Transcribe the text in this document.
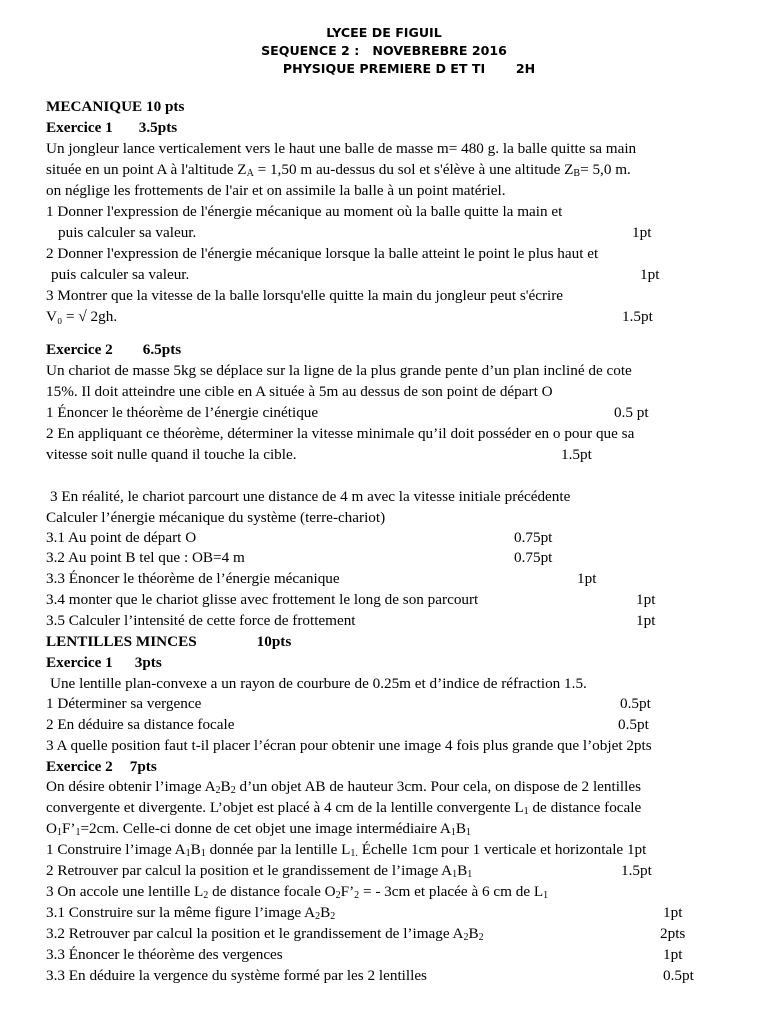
LYCEE DE FIGUIL
SEQUENCE 2 : NOVEBREBRE 2016
PHYSIQUE PREMIERE D ET TI 2H
MECANIQUE 10 pts
Exercice 1 3.5pts
Un jongleur lance verticalement vers le haut une balle de masse m= 480 g. la balle quitte sa main
située en un point A à l'altitude $Z_A = 1,50$ m au-dessus du sol et s'élève à une altitude $Z_B= 5,0$ m.
on néglige les frottements de l'air et on assimile la balle à un point matériel.
1 Donner l'expression de l'énergie mécanique au moment où la balle quitte la main et
puis calculer sa valeur.	1pt
2 Donner l'expression de l'énergie mécanique lorsque la balle atteint le point le plus haut et
puis calculer sa valeur.	1pt
3 Montrer que la vitesse de la balle lorsqu'elle quitte la main du jongleur peut s'écrire
V₀ = √ 2gh.	1.5pt
Exercice 2 6.5pts
Un chariot de masse 5kg se déplace sur la ligne de la plus grande pente d’un plan incliné de cote
15%. Il doit atteindre une cible en A située à 5m au dessus de son point de départ O
1 Énoncer le théorème de l’énergie cinétique	0.5 pt
2 En appliquant ce théorème, déterminer la vitesse minimale qu’il doit posséder en o pour que sa
vitesse soit nulle quand il touche la cible.	1.5pt
3 En réalité, le chariot parcourt une distance de 4 m avec la vitesse initiale précédente
Calculer l’énergie mécanique du système (terre-chariot)
3.1 Au point de départ O	0.75pt
3.2 Au point B tel que : OB=4 m	0.75pt
3.3 Énoncer le théorème de l’énergie mécanique	1pt
3.4 monter que le chariot glisse avec frottement le long de son parcourt	1pt
3.5 Calculer l’intensité de cette force de frottement	1pt
LENTILLES MINCES	10pts
Exercice 1 3pts
Une lentille plan-convexe a un rayon de courbure de 0.25m et d’indice de réfraction 1.5.
1 Déterminer sa vergence	0.5pt
2 En déduire sa distance focale	0.5pt
3 A quelle position faut t-il placer l’écran pour obtenir une image 4 fois plus grande que l’objet 2pts
Exercice 2 7pts
On désire obtenir l’image $A_2B_2$ d’un objet AB de hauteur 3cm. Pour cela, on dispose de 2 lentilles
convergente et divergente. L’objet est placé à 4 cm de la lentille convergente $L_1$ de distance focale
$O_1F’_1=2cm$. Celle-ci donne de cet objet une image intermédiaire $A_1B_1$
1 Construire l’image $A_1B_1$ donnée par la lentille $L_{1.}$ Échelle 1cm pour 1 verticale et horizontale 1pt
2 Retrouver par calcul la position et le grandissement de l’image $A_1B_1$	1.5pt
3 On accole une lentille $L_2$ de distance focale $O_2F’_2$ = - 3cm et placée à 6 cm de $L_1$
3.1 Construire sur la même figure l’image $A_2B_2$	1pt
3.2 Retrouver par calcul la position et le grandissement de l’image $A_2B_2$	2pts
3.3 Énoncer le théorème des vergences	1pt
3.3 En déduire la vergence du système formé par les 2 lentilles	0.5pt
